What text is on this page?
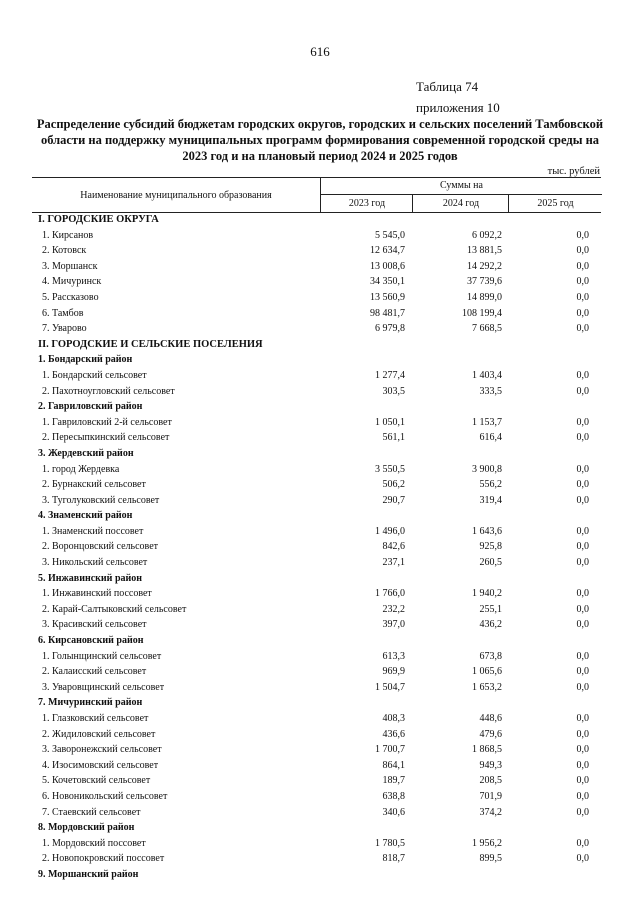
616
Таблица 74
приложения 10
Распределение субсидий бюджетам городских округов, городских и сельских поселений Тамбовской области на поддержку муниципальных программ формирования современной городской среды на 2023 год и на плановый период 2024 и 2025 годов
тыс. рублей
Наименование муниципального образования
Суммы на
2023 год	2024 год	2025 год
I. ГОРОДСКИЕ ОКРУГА
1. Кирсанов	5 545,0	6 092,2	0,0
2. Котовск	12 634,7	13 881,5	0,0
3. Моршанск	13 008,6	14 292,2	0,0
4. Мичуринск	34 350,1	37 739,6	0,0
5. Рассказово	13 560,9	14 899,0	0,0
6. Тамбов	98 481,7	108 199,4	0,0
7. Уварово	6 979,8	7 668,5	0,0
II. ГОРОДСКИЕ И СЕЛЬСКИЕ ПОСЕЛЕНИЯ
1. Бондарский район
1. Бондарский сельсовет	1 277,4	1 403,4	0,0
2. Пахотноугловский сельсовет	303,5	333,5	0,0
2. Гавриловский район
1. Гавриловский 2-й сельсовет	1 050,1	1 153,7	0,0
2. Пересыпкинский сельсовет	561,1	616,4	0,0
3. Жердевский район
1. город Жердевка	3 550,5	3 900,8	0,0
2. Бурнакский сельсовет	506,2	556,2	0,0
3. Туголуковский сельсовет	290,7	319,4	0,0
4. Знаменский район
1. Знаменский поссовет	1 496,0	1 643,6	0,0
2. Воронцовский сельсовет	842,6	925,8	0,0
3. Никольский сельсовет	237,1	260,5	0,0
5. Инжавинский район
1. Инжавинский поссовет	1 766,0	1 940,2	0,0
2. Карай-Салтыковский сельсовет	232,2	255,1	0,0
3. Красивский сельсовет	397,0	436,2	0,0
6. Кирсановский район
1. Голынщинский сельсовет	613,3	673,8	0,0
2. Калаисский сельсовет	969,9	1 065,6	0,0
3. Уваровщинский сельсовет	1 504,7	1 653,2	0,0
7. Мичуринский район
1. Глазковский сельсовет	408,3	448,6	0,0
2. Жидиловский сельсовет	436,6	479,6	0,0
3. Заворонежский сельсовет	1 700,7	1 868,5	0,0
4. Изосимовский сельсовет	864,1	949,3	0,0
5. Кочетовский сельсовет	189,7	208,5	0,0
6. Новоникольский сельсовет	638,8	701,9	0,0
7. Стаевский сельсовет	340,6	374,2	0,0
8. Мордовский район
1. Мордовский поссовет	1 780,5	1 956,2	0,0
2. Новопокровский поссовет	818,7	899,5	0,0
9. Моршанский район
